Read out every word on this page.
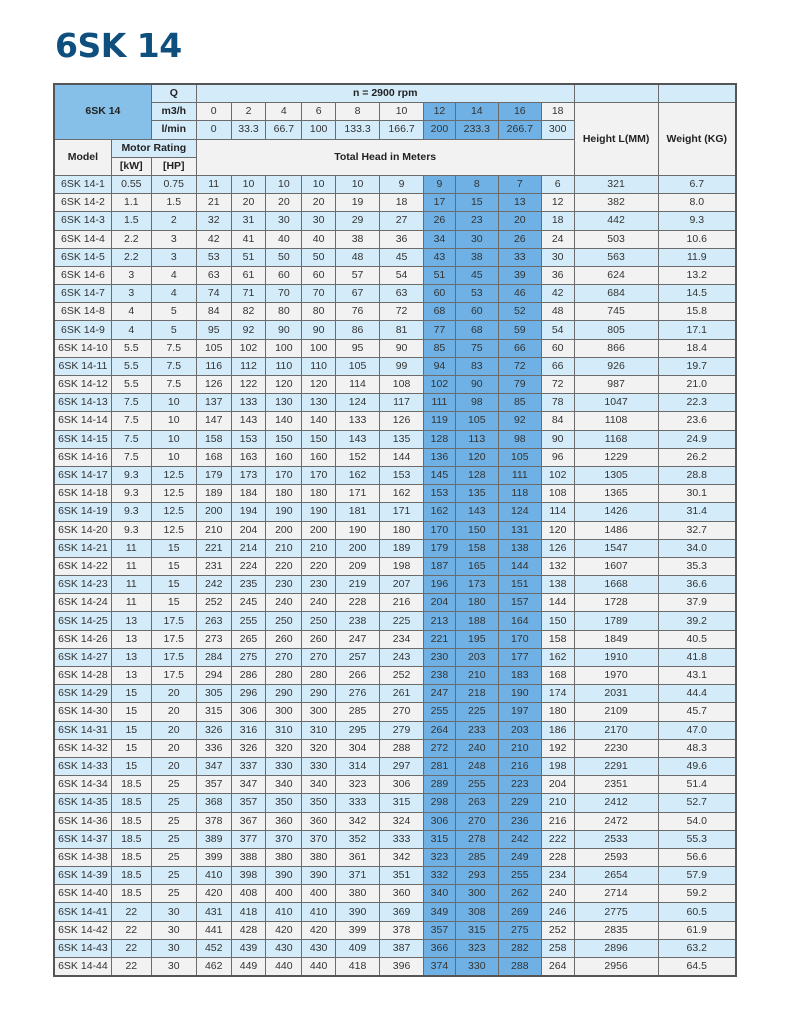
6SK 14
6SK 14		Q	n = 2900 rpm											
		m3/h	0	2	4	6	8	10	12	14	16	18	Height L(MM)	Weight (KG)
		l/min	0	33.3	66.7	100	133.3	166.7	200	233.3	266.7	300		
Model	Motor Rating		Total Head in Meters											
	[kW]	[HP]												
6SK 14-1	0.55	0.75	11	10	10	10	10	9	9	8	7	6	321	6.7
6SK 14-2	1.1	1.5	21	20	20	20	19	18	17	15	13	12	382	8.0
6SK 14-3	1.5	2	32	31	30	30	29	27	26	23	20	18	442	9.3
6SK 14-4	2.2	3	42	41	40	40	38	36	34	30	26	24	503	10.6
6SK 14-5	2.2	3	53	51	50	50	48	45	43	38	33	30	563	11.9
6SK 14-6	3	4	63	61	60	60	57	54	51	45	39	36	624	13.2
6SK 14-7	3	4	74	71	70	70	67	63	60	53	46	42	684	14.5
6SK 14-8	4	5	84	82	80	80	76	72	68	60	52	48	745	15.8
6SK 14-9	4	5	95	92	90	90	86	81	77	68	59	54	805	17.1
6SK 14-10	5.5	7.5	105	102	100	100	95	90	85	75	66	60	866	18.4
6SK 14-11	5.5	7.5	116	112	110	110	105	99	94	83	72	66	926	19.7
6SK 14-12	5.5	7.5	126	122	120	120	114	108	102	90	79	72	987	21.0
6SK 14-13	7.5	10	137	133	130	130	124	117	111	98	85	78	1047	22.3
6SK 14-14	7.5	10	147	143	140	140	133	126	119	105	92	84	1108	23.6
6SK 14-15	7.5	10	158	153	150	150	143	135	128	113	98	90	1168	24.9
6SK 14-16	7.5	10	168	163	160	160	152	144	136	120	105	96	1229	26.2
6SK 14-17	9.3	12.5	179	173	170	170	162	153	145	128	111	102	1305	28.8
6SK 14-18	9.3	12.5	189	184	180	180	171	162	153	135	118	108	1365	30.1
6SK 14-19	9.3	12.5	200	194	190	190	181	171	162	143	124	114	1426	31.4
6SK 14-20	9.3	12.5	210	204	200	200	190	180	170	150	131	120	1486	32.7
6SK 14-21	11	15	221	214	210	210	200	189	179	158	138	126	1547	34.0
6SK 14-22	11	15	231	224	220	220	209	198	187	165	144	132	1607	35.3
6SK 14-23	11	15	242	235	230	230	219	207	196	173	151	138	1668	36.6
6SK 14-24	11	15	252	245	240	240	228	216	204	180	157	144	1728	37.9
6SK 14-25	13	17.5	263	255	250	250	238	225	213	188	164	150	1789	39.2
6SK 14-26	13	17.5	273	265	260	260	247	234	221	195	170	158	1849	40.5
6SK 14-27	13	17.5	284	275	270	270	257	243	230	203	177	162	1910	41.8
6SK 14-28	13	17.5	294	286	280	280	266	252	238	210	183	168	1970	43.1
6SK 14-29	15	20	305	296	290	290	276	261	247	218	190	174	2031	44.4
6SK 14-30	15	20	315	306	300	300	285	270	255	225	197	180	2109	45.7
6SK 14-31	15	20	326	316	310	310	295	279	264	233	203	186	2170	47.0
6SK 14-32	15	20	336	326	320	320	304	288	272	240	210	192	2230	48.3
6SK 14-33	15	20	347	337	330	330	314	297	281	248	216	198	2291	49.6
6SK 14-34	18.5	25	357	347	340	340	323	306	289	255	223	204	2351	51.4
6SK 14-35	18.5	25	368	357	350	350	333	315	298	263	229	210	2412	52.7
6SK 14-36	18.5	25	378	367	360	360	342	324	306	270	236	216	2472	54.0
6SK 14-37	18.5	25	389	377	370	370	352	333	315	278	242	222	2533	55.3
6SK 14-38	18.5	25	399	388	380	380	361	342	323	285	249	228	2593	56.6
6SK 14-39	18.5	25	410	398	390	390	371	351	332	293	255	234	2654	57.9
6SK 14-40	18.5	25	420	408	400	400	380	360	340	300	262	240	2714	59.2
6SK 14-41	22	30	431	418	410	410	390	369	349	308	269	246	2775	60.5
6SK 14-42	22	30	441	428	420	420	399	378	357	315	275	252	2835	61.9
6SK 14-43	22	30	452	439	430	430	409	387	366	323	282	258	2896	63.2
6SK 14-44	22	30	462	449	440	440	418	396	374	330	288	264	2956	64.5
